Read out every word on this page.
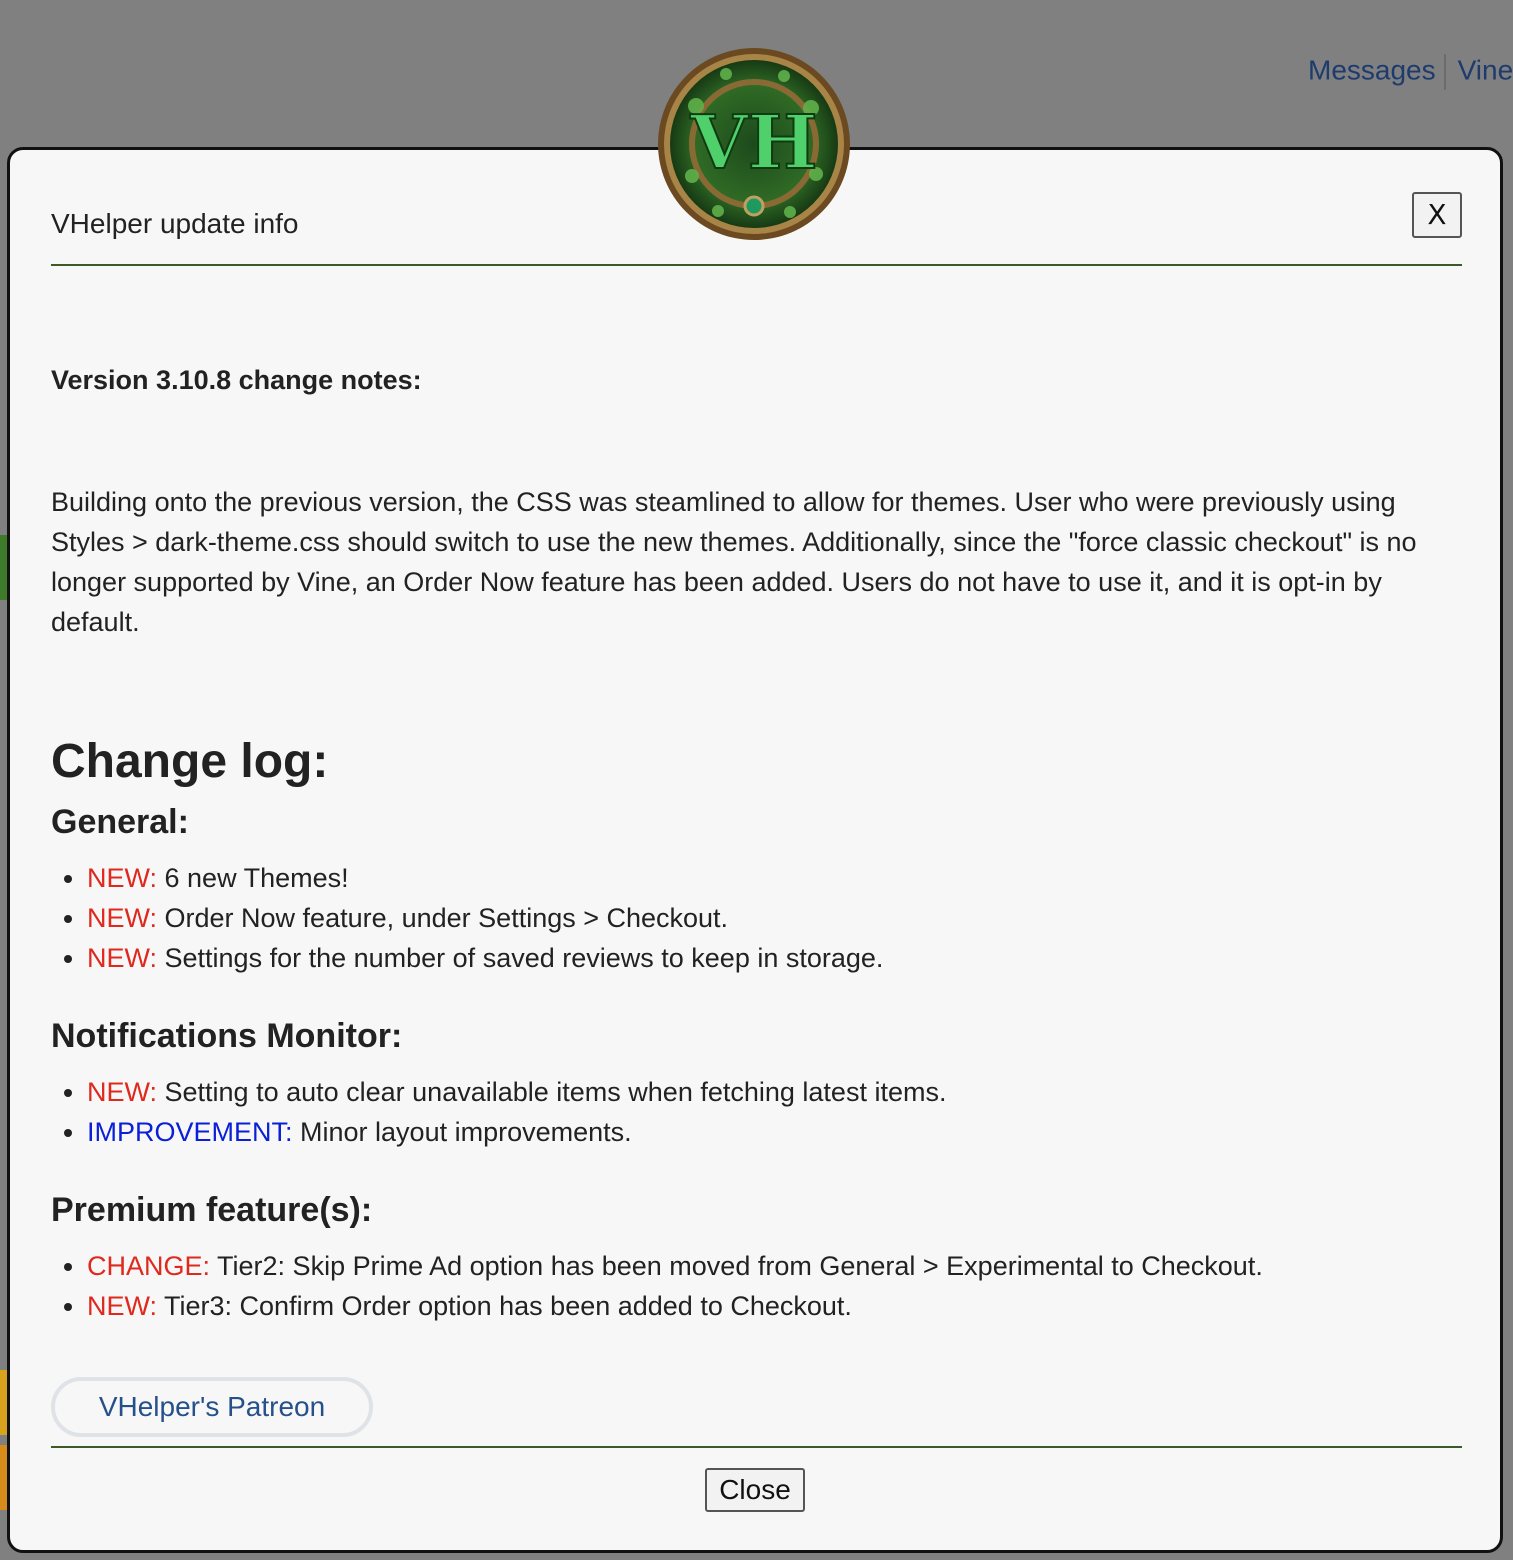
Messages Vine
VHelper update info	X

Version 3.10.8 change notes:

Building onto the previous version, the CSS was steamlined to allow for themes. User who were previously using Styles > dark-theme.css should switch to use the new themes. Additionally, since the "force classic checkout" is no longer supported by Vine, an Order Now feature has been added. Users do not have to use it, and it is opt-in by default.

Change log:
General:
• NEW: 6 new Themes!
• NEW: Order Now feature, under Settings > Checkout.
• NEW: Settings for the number of saved reviews to keep in storage.
Notifications Monitor:
• NEW: Setting to auto clear unavailable items when fetching latest items.
• IMPROVEMENT: Minor layout improvements.
Premium feature(s):
• CHANGE: Tier2: Skip Prime Ad option has been moved from General > Experimental to Checkout.
• NEW: Tier3: Confirm Order option has been added to Checkout.
VHelper's Patreon
Close
VH
